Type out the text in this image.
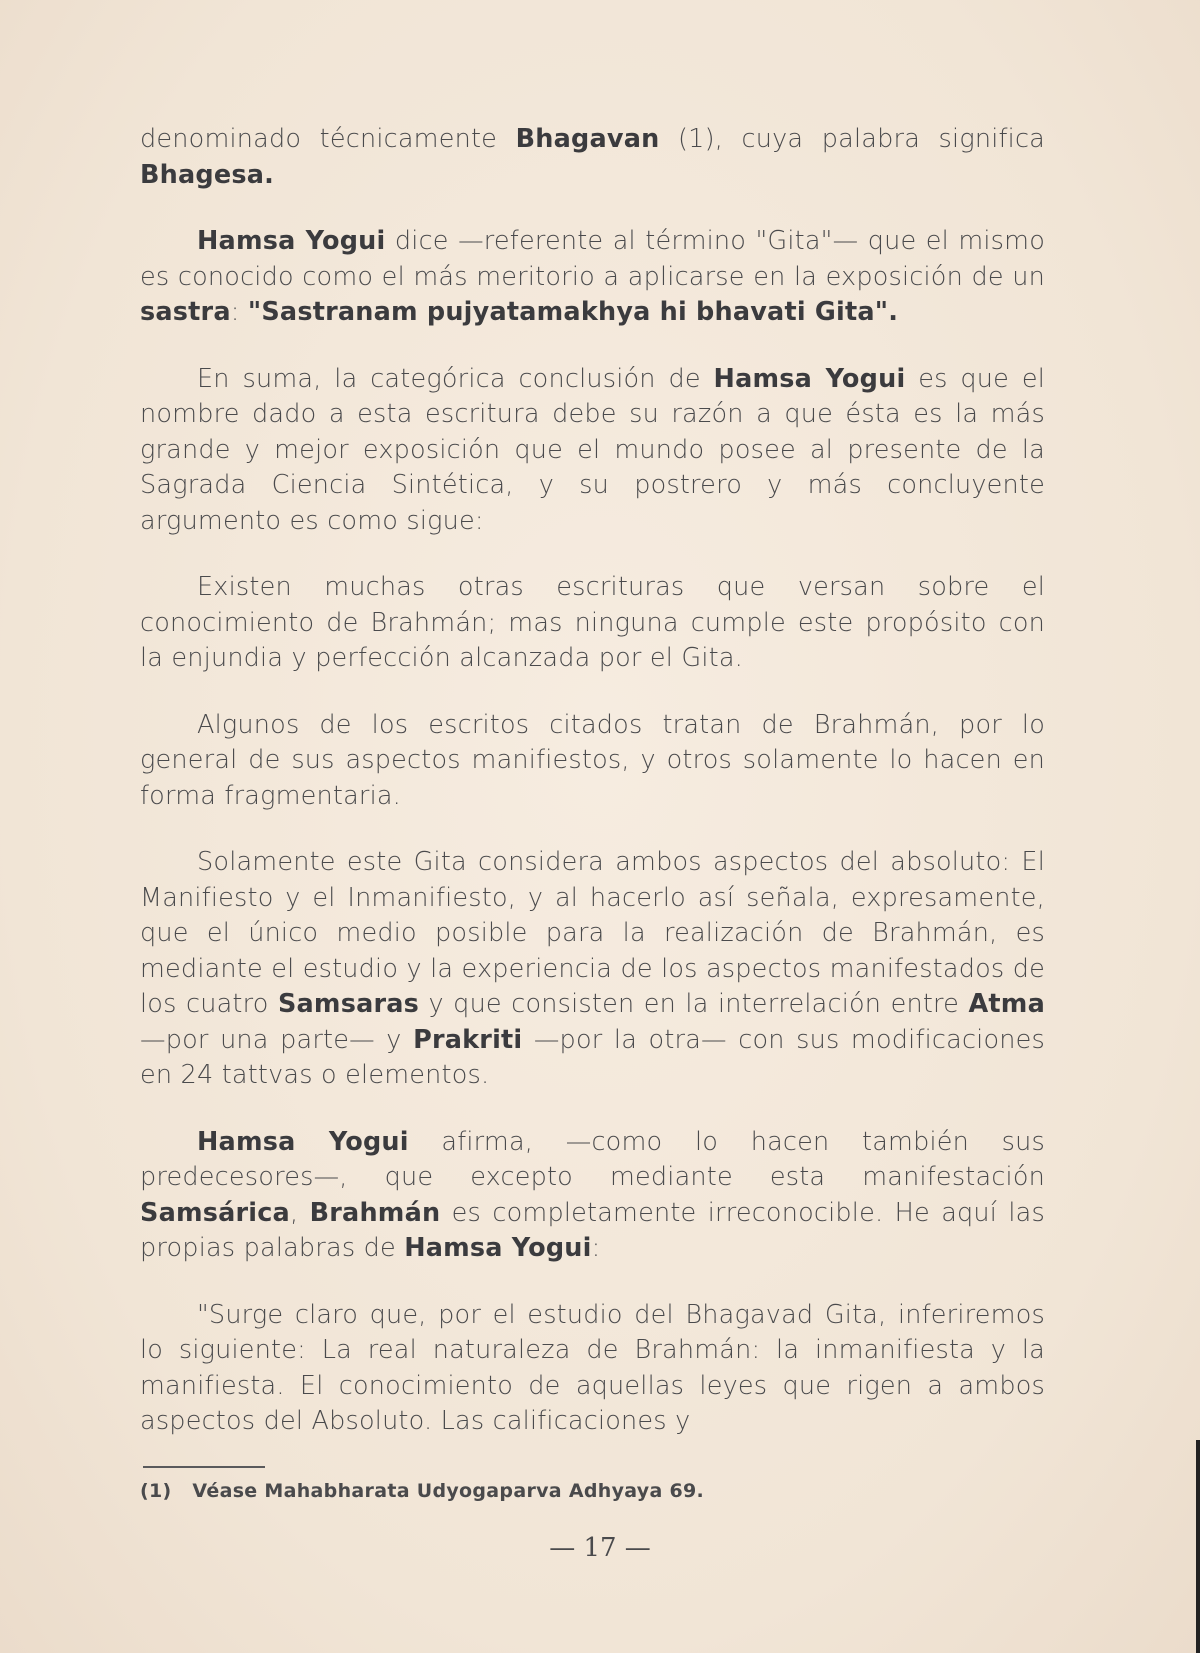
denominado técnicamente Bhagavan (1), cuya palabra significa Bhagesa.

Hamsa Yogui dice —referente al término "Gita"— que el mismo es conocido como el más meritorio a aplicarse en la exposición de un sastra: "Sastranam pujyatamakhya hi bhavati Gita".

En suma, la categórica conclusión de Hamsa Yogui es que el nombre dado a esta escritura debe su razón a que ésta es la más grande y mejor exposición que el mundo posee al presente de la Sagrada Ciencia Sintética, y su postrero y más concluyente argumento es como sigue:

Existen muchas otras escrituras que versan sobre el conocimiento de Brahmán; mas ninguna cumple este propósito con la enjundia y perfección alcanzada por el Gita.

Algunos de los escritos citados tratan de Brahmán, por lo general de sus aspectos manifiestos, y otros solamente lo hacen en forma fragmentaria.

Solamente este Gita considera ambos aspectos del absoluto: El Manifiesto y el Inmanifiesto, y al hacerlo así señala, expresamente, que el único medio posible para la realización de Brahmán, es mediante el estudio y la experiencia de los aspectos manifestados de los cuatro Samsaras y que consisten en la interrelación entre Atma —por una parte— y Prakriti —por la otra— con sus modificaciones en 24 tattvas o elementos.

Hamsa Yogui afirma, —como lo hacen también sus predecesores—, que excepto mediante esta manifestación Samsárica, Brahmán es completamente irreconocible. He aquí las propias palabras de Hamsa Yogui:

"Surge claro que, por el estudio del Bhagavad Gita, inferiremos lo siguiente: La real naturaleza de Brahmán: la inmanifiesta y la manifiesta. El conocimiento de aquellas leyes que rigen a ambos aspectos del Absoluto. Las calificaciones y

(1) Véase Mahabharata Udyogaparva Adhyaya 69.
— 17 —
